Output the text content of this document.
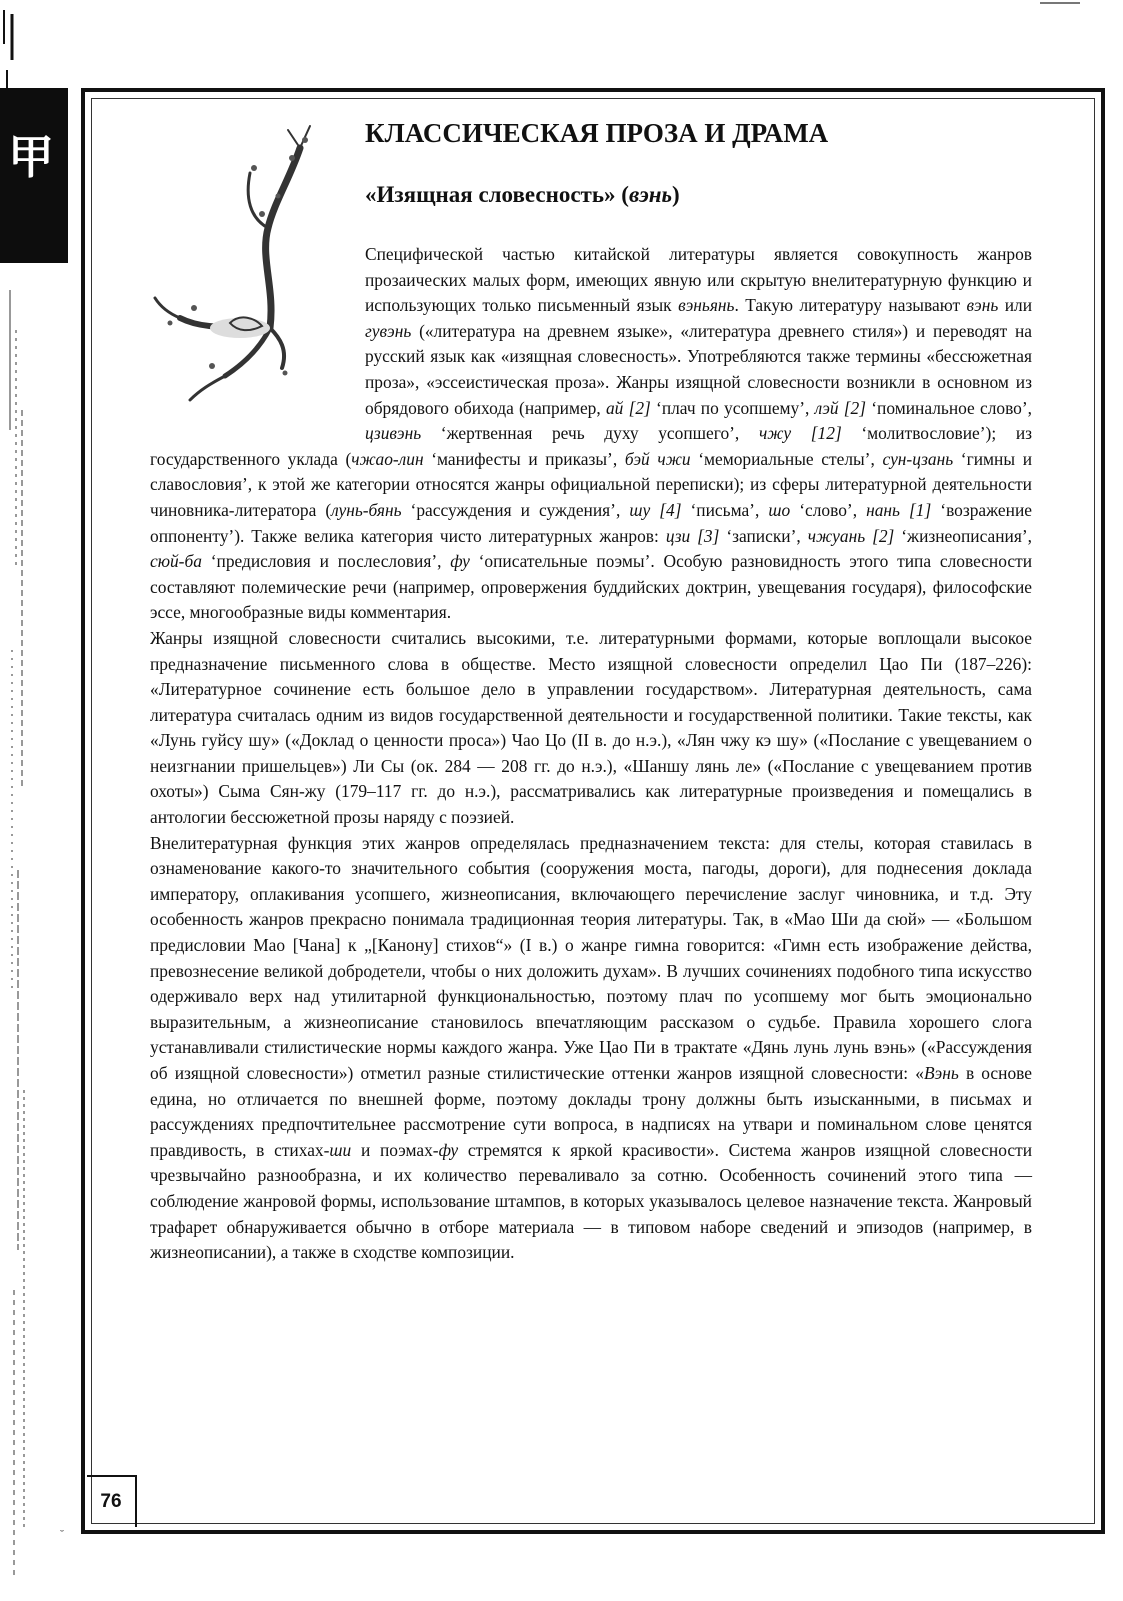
甲	КЛАССИЧЕСКАЯ ПРОЗА И ДРАМА
«Изящная словесность» (вэнь)

Специфической частью китайской литературы является совокупность жанров прозаических малых форм, имеющих явную или скрытую внелитературную функцию и использующих только письменный язык вэньянь. Такую литературу называют вэнь или гувэнь («литература на древнем языке», «литература древнего стиля») и переводят на русский язык как «изящная словесность». Употребляются также термины «бессюжетная проза», «эссеистическая проза». Жанры изящной словесности возникли в основном из обрядового обихода (например, ай [2] ‘плач по усопшему’, лэй [2] ‘поминальное слово’, цзивэнь ‘жертвенная речь духу усопшего’, чжу [12] ‘молитвословие’); из государственного уклада (чжао-лин ‘манифесты и приказы’, бэй чжи ‘мемориальные стелы’, сун-цзань ‘гимны и славословия’, к этой же категории относятся жанры официальной переписки); из сферы литературной деятельности чиновника-литератора (лунь-бянь ‘рассуждения и суждения’, шу [4] ‘письма’, шо ‘слово’, нань [1] ‘возражение оппоненту’). Также велика категория чисто литературных жанров: цзи [3] ‘записки’, чжуань [2] ‘жизнеописания’, сюй-ба ‘предисловия и послесловия’, фу ‘описательные поэмы’. Особую разновидность этого типа словесности составляют полемические речи (например, опровержения буддийских доктрин, увещевания государя), философские эссе, многообразные виды комментария.

Жанры изящной словесности считались высокими, т.е. литературными формами, которые воплощали высокое предназначение письменного слова в обществе. Место изящной словесности определил Цао Пи (187–226): «Литературное сочинение есть большое дело в управлении государством». Литературная деятельность, сама литература считалась одним из видов государственной деятельности и государственной политики. Такие тексты, как «Лунь гуйсу шу» («Доклад о ценности проса») Чао Цо (II в. до н.э.), «Лян чжу кэ шу» («Послание с увещеванием о неизгнании пришельцев») Ли Сы (ок. 284 — 208 гг. до н.э.), «Шаншу лянь ле» («Послание с увещеванием против охоты») Сыма Сян-жу (179–117 гг. до н.э.), рассматривались как литературные произведения и помещались в антологии бессюжетной прозы наряду с поэзией.

Внелитературная функция этих жанров определялась предназначением текста: для стелы, которая ставилась в ознаменование какого-то значительного события (сооружения моста, пагоды, дороги), для поднесения доклада императору, оплакивания усопшего, жизнеописания, включающего перечисление заслуг чиновника, и т.д. Эту особенность жанров прекрасно понимала традиционная теория литературы. Так, в «Мао Ши да сюй» — «Большом предисловии Мао [Чана] к „[Канону] стихов“» (I в.) о жанре гимна говорится: «Гимн есть изображение действа, превознесение великой добродетели, чтобы о них доложить духам». В лучших сочинениях подобного типа искусство одерживало верх над утилитарной функциональностью, поэтому плач по усопшему мог быть эмоционально выразительным, а жизнеописание становилось впечатляющим рассказом о судьбе. Правила хорошего слога устанавливали стилистические нормы каждого жанра. Уже Цао Пи в трактате «Дянь лунь лунь вэнь» («Рассуждения об изящной словесности») отметил разные стилистические оттенки жанров изящной словесности: «Вэнь в основе едина, но отличается по внешней форме, поэтому доклады трону должны быть изысканными, в письмах и рассуждениях предпочтительнее рассмотрение сути вопроса, в надписях на утвари и поминальном слове ценятся правдивость, в стихах-ши и поэмах-фу стремятся к яркой красивости». Система жанров изящной словесности чрезвычайно разнообразна, и их количество переваливало за сотню. Особенность сочинений этого типа — соблюдение жанровой формы, использование штампов, в которых указывалось целевое назначение текста. Жанровый трафарет обнаруживается обычно в отборе материала — в типовом наборе сведений и эпизодов (например, в жизнеописании), а также в сходстве композиции.

76
˘
